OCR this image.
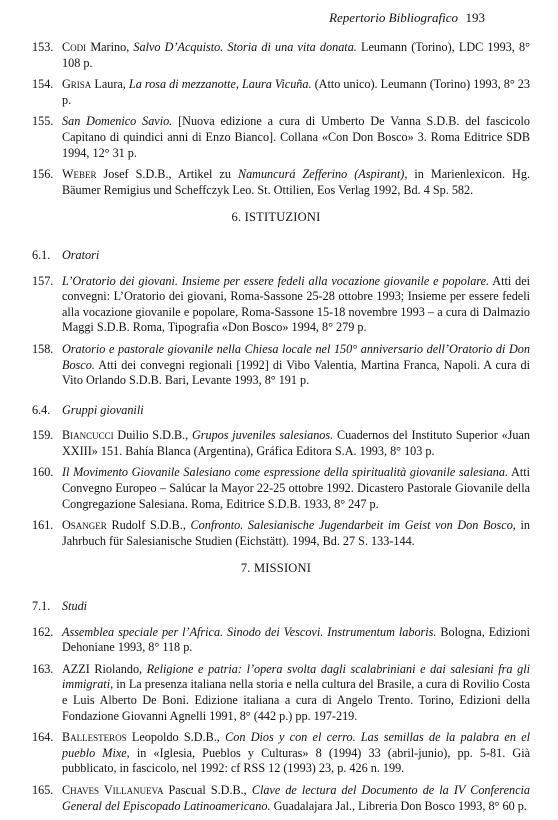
Repertorio Bibliografico 193
153. Codi Marino, Salvo D’Acquisto. Storia di una vita donata. Leumann (Torino), LDC 1993, 8° 108 p.
154. Grisa Laura, La rosa di mezzanotte, Laura Vicuña. (Atto unico). Leumann (Torino) 1993, 8° 23 p.
155. San Domenico Savio. [Nuova edizione a cura di Umberto De Vanna S.D.B. del fascicolo Capitano di quindici anni di Enzo Bianco]. Collana «Con Don Bosco» 3. Roma Editrice SDB 1994, 12° 31 p.
156. Weber Josef S.D.B., Artikel zu Namuncurá Zefferino (Aspirant), in Marienlexicon. Hg. Bäumer Remigius und Scheffczyk Leo. St. Ottilien, Eos Verlag 1992, Bd. 4 Sp. 582.
6. ISTITUZIONI
6.1. Oratori
157. L’Oratorio dei giovani. Insieme per essere fedeli alla vocazione giovanile e popolare. Atti dei convegni: L’Oratorio dei giovani, Roma-Sassone 25-28 ottobre 1993; Insieme per essere fedeli alla vocazione giovanile e popolare, Roma-Sassone 15-18 novembre 1993 – a cura di Dalmazio Maggi S.D.B. Roma, Tipografia «Don Bosco» 1994, 8° 279 p.
158. Oratorio e pastorale giovanile nella Chiesa locale nel 150° anniversario dell’Oratorio di Don Bosco. Atti dei convegni regionali [1992] di Vibo Valentia, Martina Franca, Napoli. A cura di Vito Orlando S.D.B. Bari, Levante 1993, 8° 191 p.
6.4. Gruppi giovanili
159. Biancucci Duilio S.D.B., Grupos juveniles salesianos. Cuadernos del Instituto Superior «Juan XXIII» 151. Bahía Blanca (Argentina), Gráfica Editora S.A. 1993, 8° 103 p.
160. Il Movimento Giovanile Salesiano come espressione della spiritualità giovanile salesiana. Atti Convegno Europeo – Salúcar la Mayor 22-25 ottobre 1992. Dicastero Pastorale Giovanile della Congregazione Salesiana. Roma, Editrice S.D.B. 1933, 8° 247 p.
161. Osanger Rudolf S.D.B., Confronto. Salesianische Jugendarbeit im Geist von Don Bosco, in Jahrbuch für Salesianische Studien (Eichstätt). 1994, Bd. 27 S. 133-144.
7. MISSIONI
7.1. Studi
162. Assemblea speciale per l’Africa. Sinodo dei Vescovi. Instrumentum laboris. Bologna, Edizioni Dehoniane 1993, 8° 118 p.
163. AZZI Riolando, Religione e patria: l’opera svolta dagli scalabriniani e dai salesiani fra gli immigrati, in La presenza italiana nella storia e nella cultura del Brasile, a cura di Rovilio Costa e Luis Alberto De Boni. Edizione italiana a cura di Angelo Trento. Torino, Edizioni della Fondazione Giovanni Agnelli 1991, 8° (442 p.) pp. 197-219.
164. Ballesteros Leopoldo S.D.B., Con Dios y con el cerro. Las semillas de la palabra en el pueblo Mixe, in «Iglesia, Pueblos y Culturas» 8 (1994) 33 (abril-junio), pp. 5-81. Già pubblicato, in fascicolo, nel 1992: cf RSS 12 (1993) 23, p. 426 n. 199.
165. Chaves Villanueva Pascual S.D.B., Clave de lectura del Documento de la IV Conferencia General del Episcopado Latinoamericano. Guadalajara Jal., Libreria Don Bosco 1993, 8° 60 p.
